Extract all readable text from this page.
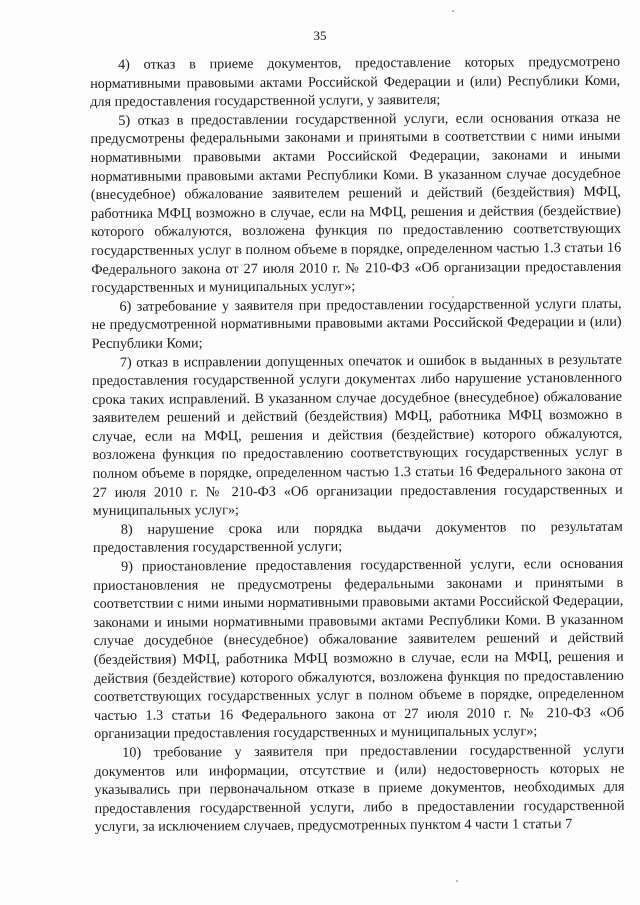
35

4) отказ в приеме документов, предоставление которых предусмотрено нормативными правовыми актами Российской Федерации и (или) Республики Коми, для предоставления государственной услуги, у заявителя;

5) отказ в предоставлении государственной услуги, если основания отказа не предусмотрены федеральными законами и принятыми в соответствии с ними иными нормативными правовыми актами Российской Федерации, законами и иными нормативными правовыми актами Республики Коми. В указанном случае досудебное (внесудебное) обжалование заявителем решений и действий (бездействия) МФЦ, работника МФЦ возможно в случае, если на МФЦ, решения и действия (бездействие) которого обжалуются, возложена функция по предоставлению соответствующих государственных услуг в полном объеме в порядке, определенном частью 1.3 статьи 16 Федерального закона от 27 июля 2010 г. № 210-ФЗ «Об организации предоставления государственных и муниципальных услуг»;

6) затребование у заявителя при предоставлении государственной услуги платы, не предусмотренной нормативными правовыми актами Российской Федерации и (или) Республики Коми;

7) отказ в исправлении допущенных опечаток и ошибок в выданных в результате предоставления государственной услуги документах либо нарушение установленного срока таких исправлений. В указанном случае досудебное (внесудебное) обжалование заявителем решений и действий (бездействия) МФЦ, работника МФЦ возможно в случае, если на МФЦ, решения и действия (бездействие) которого обжалуются, возложена функция по предоставлению соответствующих государственных услуг в полном объеме в порядке, определенном частью 1.3 статьи 16 Федерального закона от 27 июля 2010 г. № 210-ФЗ «Об организации предоставления государственных и муниципальных услуг»;

8) нарушение срока или порядка выдачи документов по результатам предоставления государственной услуги;

9) приостановление предоставления государственной услуги, если основания приостановления не предусмотрены федеральными законами и принятыми в соответствии с ними иными нормативными правовыми актами Российской Федерации, законами и иными нормативными правовыми актами Республики Коми. В указанном случае досудебное (внесудебное) обжалование заявителем решений и действий (бездействия) МФЦ, работника МФЦ возможно в случае, если на МФЦ, решения и действия (бездействие) которого обжалуются, возложена функция по предоставлению соответствующих государственных услуг в полном объеме в порядке, определенном частью 1.3 статьи 16 Федерального закона от 27 июля 2010 г. № 210-ФЗ «Об организации предоставления государственных и муниципальных услуг»;

10) требование у заявителя при предоставлении государственной услуги документов или информации, отсутствие и (или) недостоверность которых не указывались при первоначальном отказе в приеме документов, необходимых для предоставления государственной услуги, либо в предоставлении государственной услуги, за исключением случаев, предусмотренных пунктом 4 части 1 статьи 7
